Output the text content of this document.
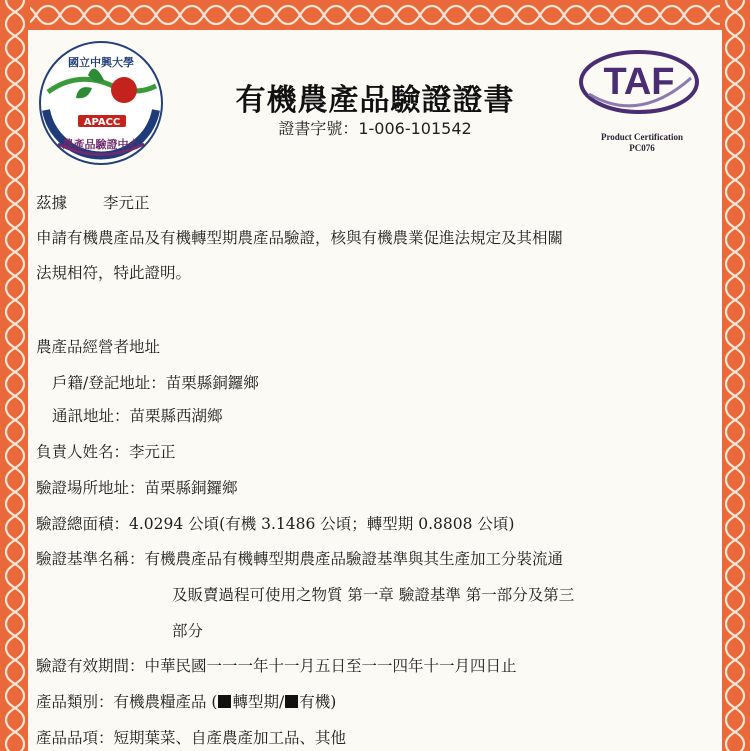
國立中興大學
APACC
農產品驗證中心
TAF
有機農產品驗證證書
證書字號：1-006-101542	Product Certification
PC076
茲據 李元正
申請有機農產品及有機轉型期農產品驗證，核與有機農業促進法規定及其相關
法規相符，特此證明。
農產品經營者地址
戶籍/登記地址：苗栗縣銅鑼鄉
通訊地址：苗栗縣西湖鄉
負責人姓名：李元正
驗證場所地址：苗栗縣銅鑼鄉
驗證總面積：4.0294 公頃(有機 3.1486 公頃；轉型期 0.8808 公頃)
驗證基準名稱：有機農產品有機轉型期農產品驗證基準與其生產加工分裝流通
及販賣過程可使用之物質 第一章 驗證基準 第一部分及第三
部分
驗證有效期間：中華民國一一一年十一月五日至一一四年十一月四日止
產品類別：有機農糧產品 ( 轉型期/ 有機)
產品品項：短期葉菜、自產農產加工品、其他
